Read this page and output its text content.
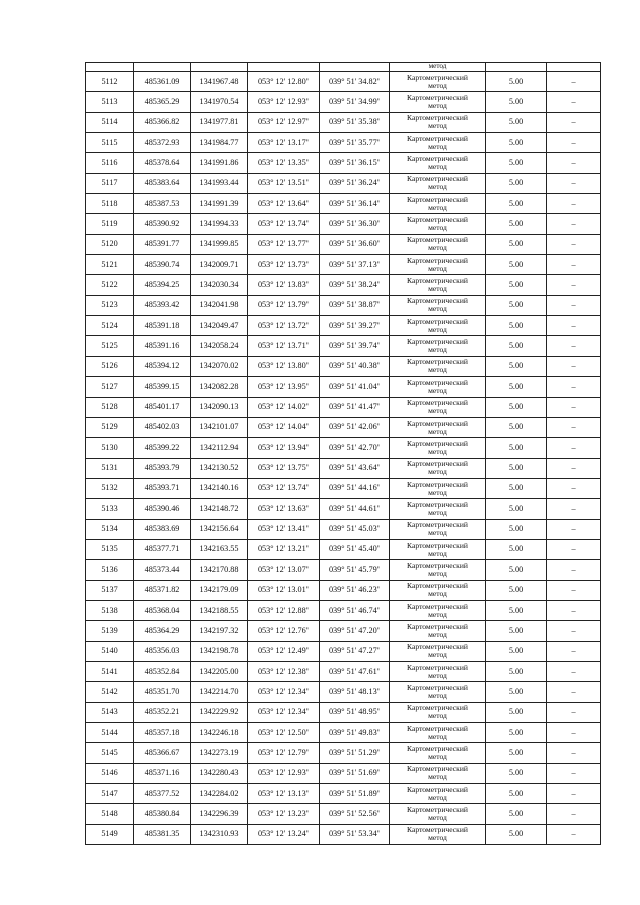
					метод		
5112	485361.09	1341967.48	053° 12' 12.80"	039° 51' 34.82"	Картометрический
метод	5.00	–
5113	485365.29	1341970.54	053° 12' 12.93"	039° 51' 34.99"	Картометрический
метод	5.00	–
5114	485366.82	1341977.81	053° 12' 12.97"	039° 51' 35.38"	Картометрический
метод	5.00	–
5115	485372.93	1341984.77	053° 12' 13.17"	039° 51' 35.77"	Картометрический
метод	5.00	–
5116	485378.64	1341991.86	053° 12' 13.35"	039° 51' 36.15"	Картометрический
метод	5.00	–
5117	485383.64	1341993.44	053° 12' 13.51"	039° 51' 36.24"	Картометрический
метод	5.00	–
5118	485387.53	1341991.39	053° 12' 13.64"	039° 51' 36.14"	Картометрический
метод	5.00	–
5119	485390.92	1341994.33	053° 12' 13.74"	039° 51' 36.30"	Картометрический
метод	5.00	–
5120	485391.77	1341999.85	053° 12' 13.77"	039° 51' 36.60"	Картометрический
метод	5.00	–
5121	485390.74	1342009.71	053° 12' 13.73"	039° 51' 37.13"	Картометрический
метод	5.00	–
5122	485394.25	1342030.34	053° 12' 13.83"	039° 51' 38.24"	Картометрический
метод	5.00	–
5123	485393.42	1342041.98	053° 12' 13.79"	039° 51' 38.87"	Картометрический
метод	5.00	–
5124	485391.18	1342049.47	053° 12' 13.72"	039° 51' 39.27"	Картометрический
метод	5.00	–
5125	485391.16	1342058.24	053° 12' 13.71"	039° 51' 39.74"	Картометрический
метод	5.00	–
5126	485394.12	1342070.02	053° 12' 13.80"	039° 51' 40.38"	Картометрический
метод	5.00	–
5127	485399.15	1342082.28	053° 12' 13.95"	039° 51' 41.04"	Картометрический
метод	5.00	–
5128	485401.17	1342090.13	053° 12' 14.02"	039° 51' 41.47"	Картометрический
метод	5.00	–
5129	485402.03	1342101.07	053° 12' 14.04"	039° 51' 42.06"	Картометрический
метод	5.00	–
5130	485399.22	1342112.94	053° 12' 13.94"	039° 51' 42.70"	Картометрический
метод	5.00	–
5131	485393.79	1342130.52	053° 12' 13.75"	039° 51' 43.64"	Картометрический
метод	5.00	–
5132	485393.71	1342140.16	053° 12' 13.74"	039° 51' 44.16"	Картометрический
метод	5.00	–
5133	485390.46	1342148.72	053° 12' 13.63"	039° 51' 44.61"	Картометрический
метод	5.00	–
5134	485383.69	1342156.64	053° 12' 13.41"	039° 51' 45.03"	Картометрический
метод	5.00	–
5135	485377.71	1342163.55	053° 12' 13.21"	039° 51' 45.40"	Картометрический
метод	5.00	–
5136	485373.44	1342170.88	053° 12' 13.07"	039° 51' 45.79"	Картометрический
метод	5.00	–
5137	485371.82	1342179.09	053° 12' 13.01"	039° 51' 46.23"	Картометрический
метод	5.00	–
5138	485368.04	1342188.55	053° 12' 12.88"	039° 51' 46.74"	Картометрический
метод	5.00	–
5139	485364.29	1342197.32	053° 12' 12.76"	039° 51' 47.20"	Картометрический
метод	5.00	–
5140	485356.03	1342198.78	053° 12' 12.49"	039° 51' 47.27"	Картометрический
метод	5.00	–
5141	485352.84	1342205.00	053° 12' 12.38"	039° 51' 47.61"	Картометрический
метод	5.00	–
5142	485351.70	1342214.70	053° 12' 12.34"	039° 51' 48.13"	Картометрический
метод	5.00	–
5143	485352.21	1342229.92	053° 12' 12.34"	039° 51' 48.95"	Картометрический
метод	5.00	–
5144	485357.18	1342246.18	053° 12' 12.50"	039° 51' 49.83"	Картометрический
метод	5.00	–
5145	485366.67	1342273.19	053° 12' 12.79"	039° 51' 51.29"	Картометрический
метод	5.00	–
5146	485371.16	1342280.43	053° 12' 12.93"	039° 51' 51.69"	Картометрический
метод	5.00	–
5147	485377.52	1342284.02	053° 12' 13.13"	039° 51' 51.89"	Картометрический
метод	5.00	–
5148	485380.84	1342296.39	053° 12' 13.23"	039° 51' 52.56"	Картометрический
метод	5.00	–
5149	485381.35	1342310.93	053° 12' 13.24"	039° 51' 53.34"	Картометрический
метод	5.00	–
